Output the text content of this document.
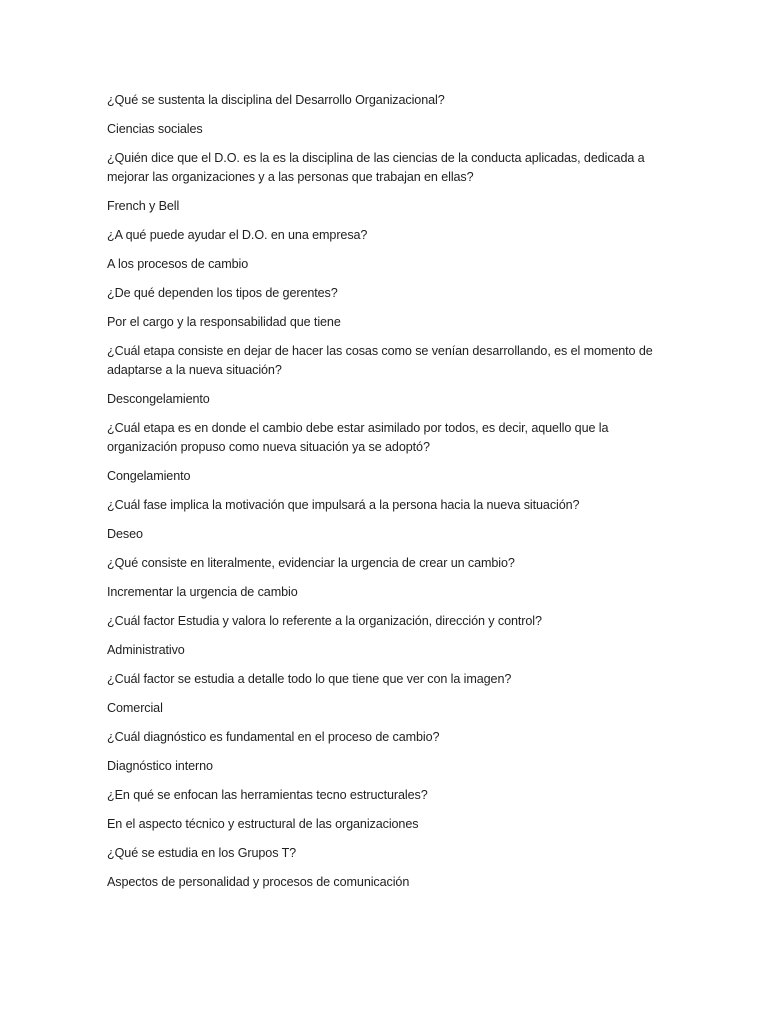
¿Qué se sustenta la disciplina del Desarrollo Organizacional?

Ciencias sociales

¿Quién dice que el D.O. es la es la disciplina de las ciencias de la conducta aplicadas, dedicada a mejorar las organizaciones y a las personas que trabajan en ellas?

French y Bell

¿A qué puede ayudar el D.O. en una empresa?

A los procesos de cambio

¿De qué dependen los tipos de gerentes?

Por el cargo y la responsabilidad que tiene

¿Cuál etapa consiste en dejar de hacer las cosas como se venían desarrollando, es el momento de adaptarse a la nueva situación?

Descongelamiento

¿Cuál etapa es en donde el cambio debe estar asimilado por todos, es decir, aquello que la organización propuso como nueva situación ya se adoptó?

Congelamiento

¿Cuál fase implica la motivación que impulsará a la persona hacia la nueva situación?

Deseo

¿Qué consiste en literalmente, evidenciar la urgencia de crear un cambio?

Incrementar la urgencia de cambio

¿Cuál factor Estudia y valora lo referente a la organización, dirección y control?

Administrativo

¿Cuál factor se estudia a detalle todo lo que tiene que ver con la imagen?

Comercial

¿Cuál diagnóstico es fundamental en el proceso de cambio?

Diagnóstico interno

¿En qué se enfocan las herramientas tecno estructurales?

En el aspecto técnico y estructural de las organizaciones

¿Qué se estudia en los Grupos T?

Aspectos de personalidad y procesos de comunicación
